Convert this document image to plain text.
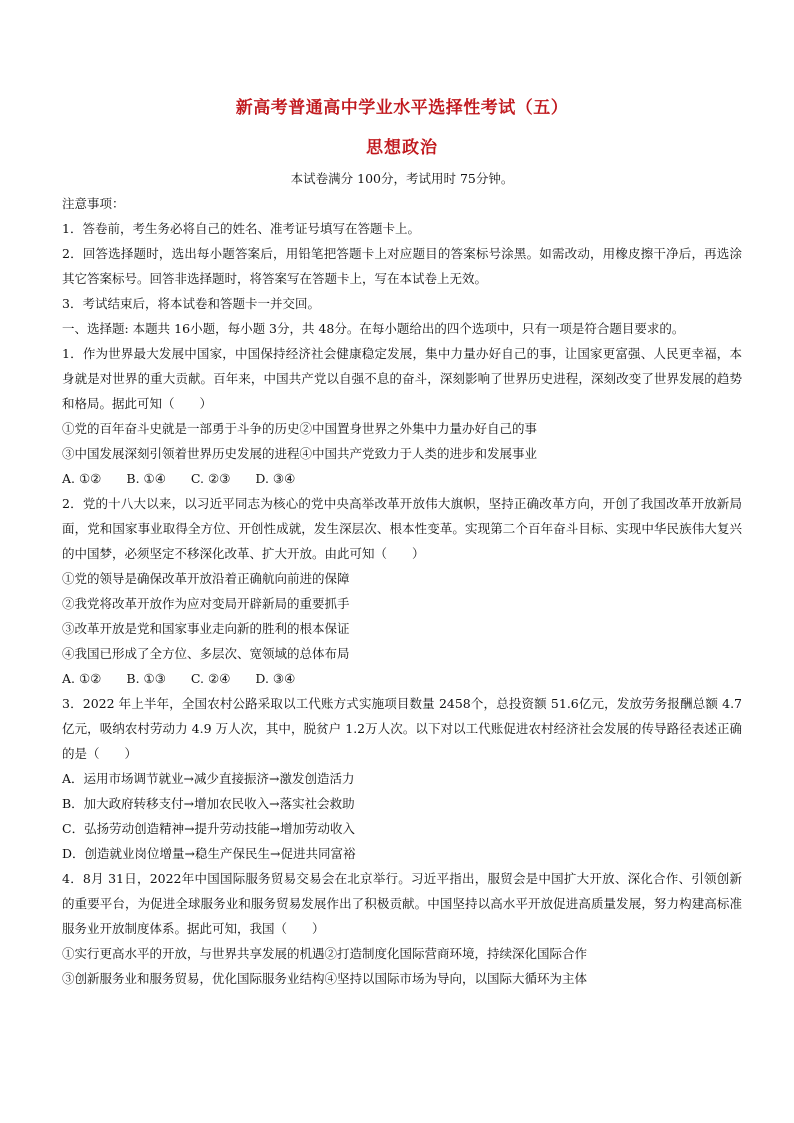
新高考普通高中学业水平选择性考试（五）
思想政治
本试卷满分 100分，考试用时 75分钟。
注意事项：
1．答卷前，考生务必将自己的姓名、准考证号填写在答题卡上。
2．回答选择题时，选出每小题答案后，用铅笔把答题卡上对应题目的答案标号涂黑。如需改动，用橡皮擦干净后，再选涂其它答案标号。回答非选择题时，将答案写在答题卡上，写在本试卷上无效。
3．考试结束后，将本试卷和答题卡一并交回。
一、选择题: 本题共 16小题，每小题 3分，共 48分。在每小题给出的四个选项中，只有一项是符合题目要求的。
1．作为世界最大发展中国家，中国保持经济社会健康稳定发展，集中力量办好自己的事，让国家更富强、人民更幸福，本身就是对世界的重大贡献。百年来，中国共产党以自强不息的奋斗，深刻影响了世界历史进程，深刻改变了世界发展的趋势和格局。据此可知（　　）
①党的百年奋斗史就是一部勇于斗争的历史②中国置身世界之外集中力量办好自己的事
③中国发展深刻引领着世界历史发展的进程④中国共产党致力于人类的进步和发展事业
A. ①②　　B. ①④　　C. ②③　　D. ③④
2．党的十八大以来，以习近平同志为核心的党中央高举改革开放伟大旗帜，坚持正确改革方向，开创了我国改革开放新局面，党和国家事业取得全方位、开创性成就，发生深层次、根本性变革。实现第二个百年奋斗目标、实现中华民族伟大复兴的中国梦，必须坚定不移深化改革、扩大开放。由此可知（　　）
①党的领导是确保改革开放沿着正确航向前进的保障
②我党将改革开放作为应对变局开辟新局的重要抓手
③改革开放是党和国家事业走向新的胜利的根本保证
④我国已形成了全方位、多层次、宽领域的总体布局
A. ①②　　B. ①③　　C. ②④　　D. ③④
3．2022 年上半年，全国农村公路采取以工代账方式实施项目数量 2458个，总投资额 51.6亿元，发放劳务报酬总额 4.7亿元，吸纳农村劳动力 4.9 万人次，其中，脱贫户 1.2万人次。以下对以工代账促进农村经济社会发展的传导路径表述正确的是（　　）
A．运用市场调节就业→减少直接振济→激发创造活力
B．加大政府转移支付→增加农民收入→落实社会救助
C．弘扬劳动创造精神→提升劳动技能→增加劳动收入
D．创造就业岗位增量→稳生产保民生→促进共同富裕
4．8月 31日，2022年中国国际服务贸易交易会在北京举行。习近平指出，服贸会是中国扩大开放、深化合作、引领创新的重要平台，为促进全球服务业和服务贸易发展作出了积极贡献。中国坚持以高水平开放促进高质量发展，努力构建高标准服务业开放制度体系。据此可知，我国（　　）
①实行更高水平的开放，与世界共享发展的机遇②打造制度化国际营商环境，持续深化国际合作
③创新服务业和服务贸易，优化国际服务业结构④坚持以国际市场为导向，以国际大循环为主体
